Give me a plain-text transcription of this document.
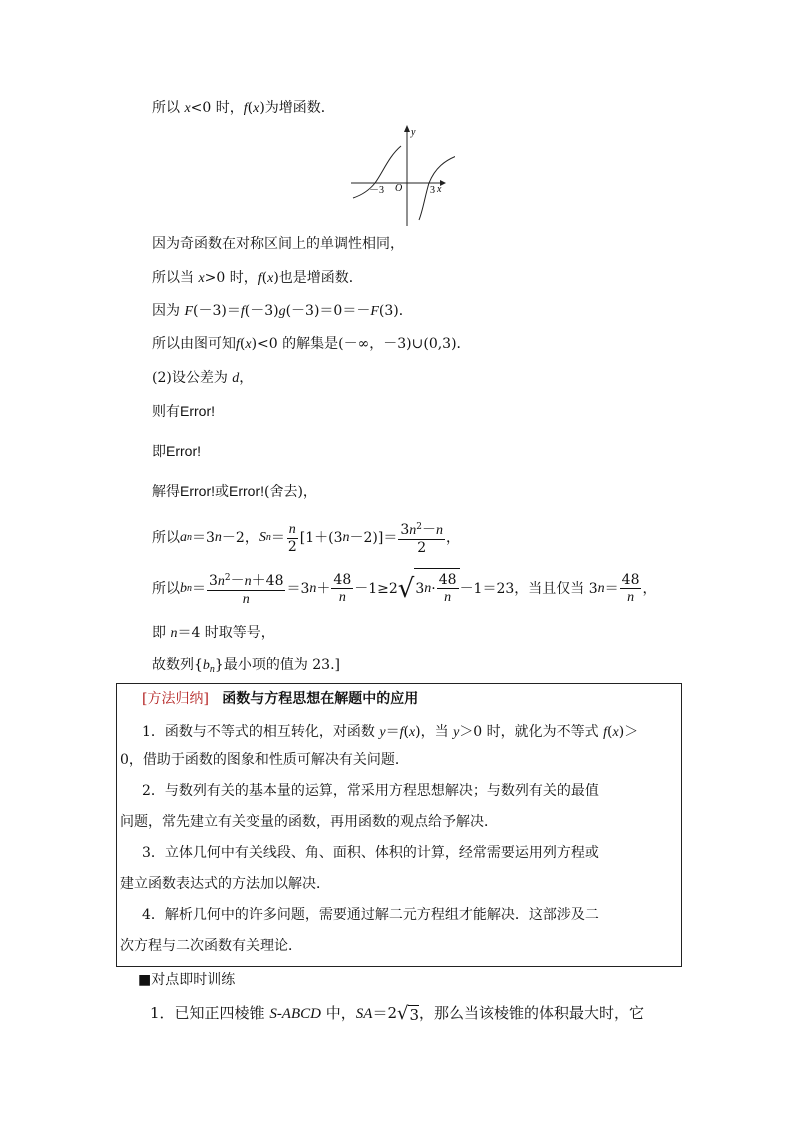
所以 x<0 时，f(x)为增函数．
y
x
O
－3	3
因为奇函数在对称区间上的单调性相同，
所以当 x>0 时，f(x)也是增函数．
因为 F(－3)＝f(－3)g(－3)＝0＝－F(3)．
所以由图可知f(x)<0 的解集是(－∞，－3)∪(0,3)．
(2)设公差为 d，
则有Error!
即Error!
解得Error!或Error!(舍去)，
所以 a n ＝3 n －2， S $n = \frac{n}{2} [1+(3$ $n -2)]= \frac{3n^2-n}{2}$ ，
所以 b $n = \frac{3n^2-n+48}{n} =3$ $n + \frac{48}{n} -1\ge 2$ √ 3 $n \cdot \frac{48}{n} -1=23$，当且仅当 3 $n = \frac{48}{n}$ ，
即 n＝4 时取等号，
故数列$\{b_n\}$最小项的值为 23.]
[方法归纳] 函数与方程思想在解题中的应用
1．函数与不等式的相互转化，对函数 y＝f(x)，当 y＞0 时，就化为不等式 f(x)＞
0，借助于函数的图象和性质可解决有关问题．
2．与数列有关的基本量的运算，常采用方程思想解决；与数列有关的最值
问题，常先建立有关变量的函数，再用函数的观点给予解决．
3．立体几何中有关线段、角、面积、体积的计算，经常需要运用列方程或
建立函数表达式的方法加以解决．
4．解析几何中的许多问题，需要通过解二元方程组才能解决．这部涉及二
次方程与二次函数有关理论．
■对点即时训练
1．已知正四棱锥 S-ABCD 中，SA＝2 √ 3 ，那么当该棱锥的体积最大时，它
